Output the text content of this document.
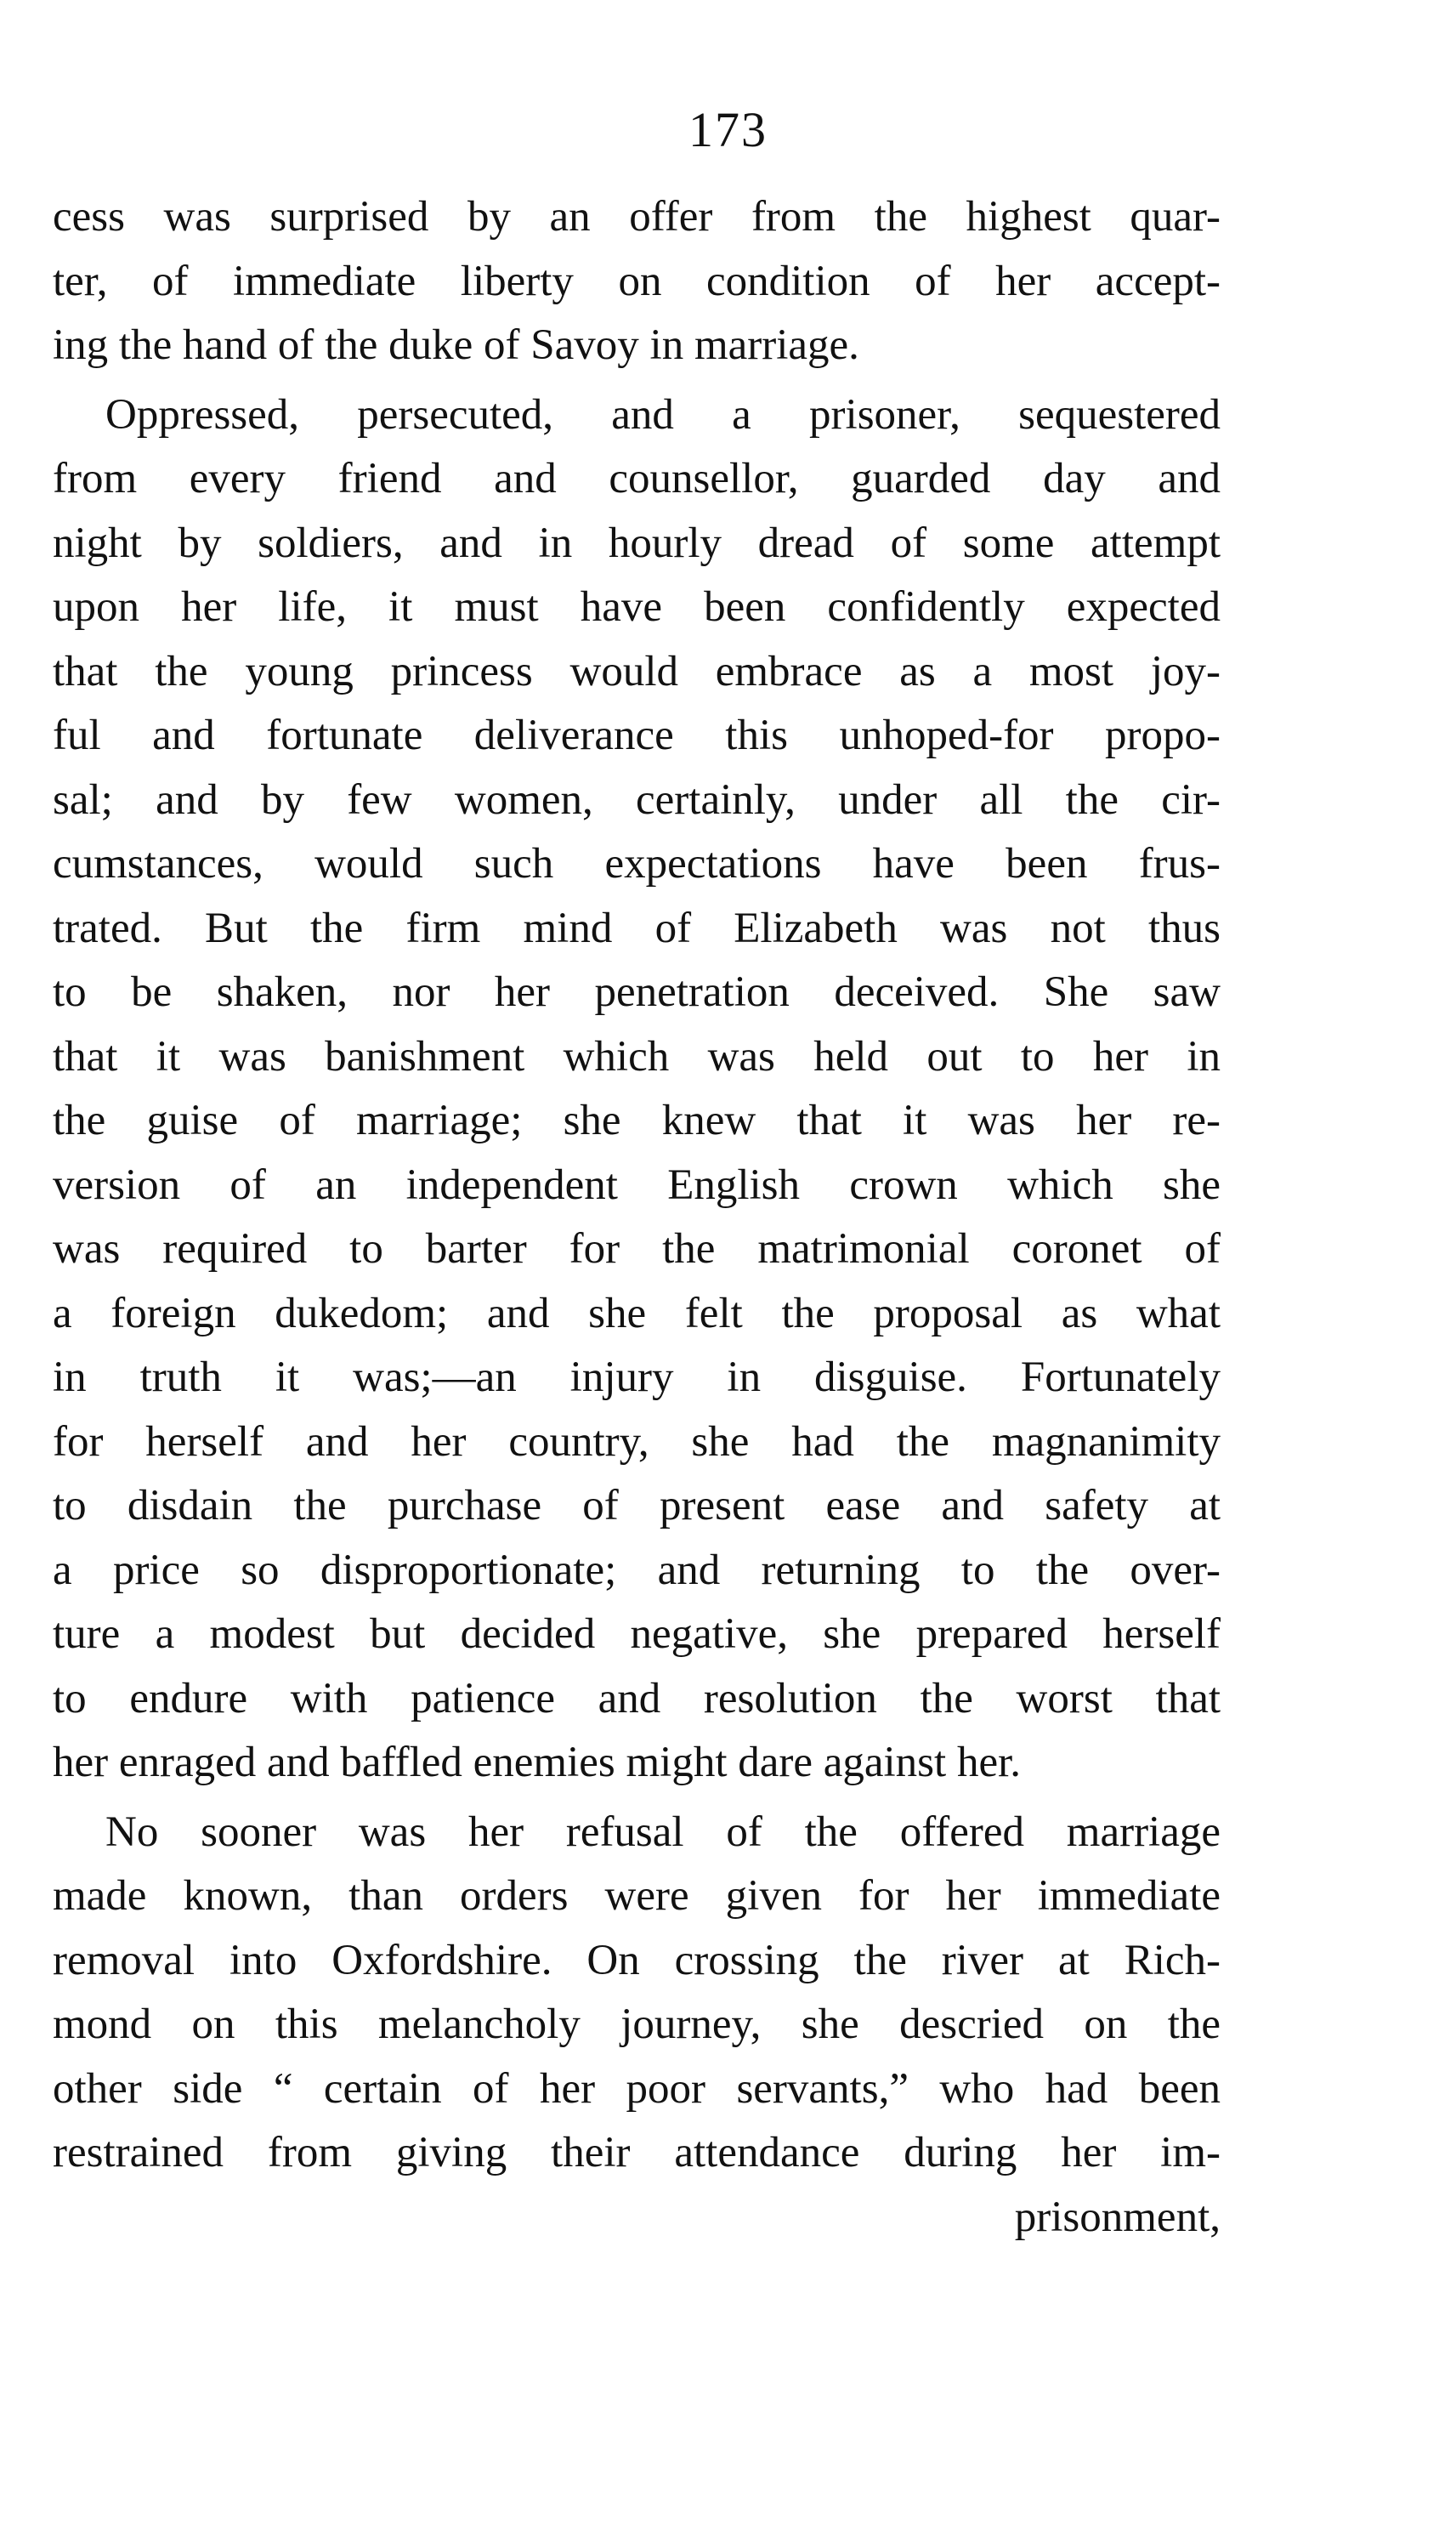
173
cess was surprised by an offer from the highest quar-
ter, of immediate liberty on condition of her accept-
ing the hand of the duke of Savoy in marriage.
Oppressed, persecuted, and a prisoner, sequestered
from every friend and counsellor, guarded day and
night by soldiers, and in hourly dread of some attempt
upon her life, it must have been confidently expected
that the young princess would embrace as a most joy-
ful and fortunate deliverance this unhoped-for propo-
sal; and by few women, certainly, under all the cir-
cumstances, would such expectations have been frus-
trated. But the firm mind of Elizabeth was not thus
to be shaken, nor her penetration deceived. She saw
that it was banishment which was held out to her in
the guise of marriage; she knew that it was her re-
version of an independent English crown which she
was required to barter for the matrimonial coronet of
a foreign dukedom; and she felt the proposal as what
in truth it was;—an injury in disguise. Fortunately
for herself and her country, she had the magnanimity
to disdain the purchase of present ease and safety at
a price so disproportionate; and returning to the over-
ture a modest but decided negative, she prepared herself
to endure with patience and resolution the worst that
her enraged and baffled enemies might dare against her.
No sooner was her refusal of the offered marriage
made known, than orders were given for her immediate
removal into Oxfordshire. On crossing the river at Rich-
mond on this melancholy journey, she descried on the
other side “ certain of her poor servants,” who had been
restrained from giving their attendance during her im-
prisonment,
